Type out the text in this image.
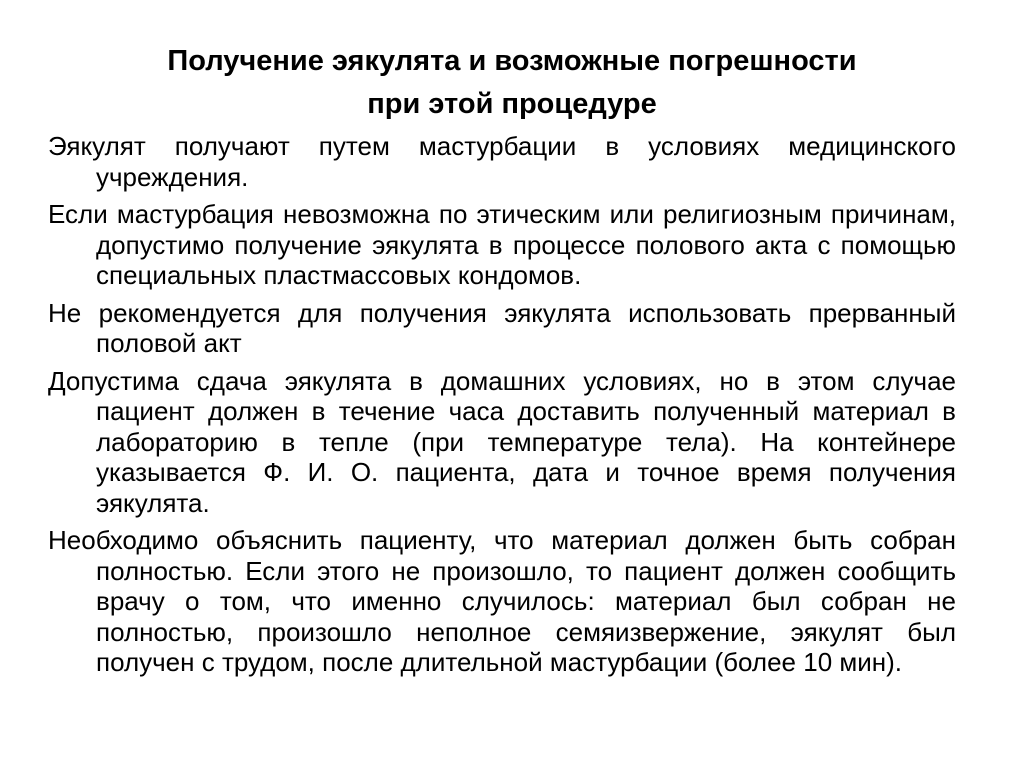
Получение эякулята и возможные погрешности
при этой процедуре

Эякулят получают путем мастурбации в условиях медицинского учреждения.

Если мастурбация невозможна по этическим или религиозным причинам, допустимо получение эякулята в процессе полового акта с помощью специальных пластмассовых кондомов.

Не рекомендуется для получения эякулята использовать прерванный половой акт

Допустима сдача эякулята в домашних условиях, но в этом случае пациент должен в течение часа доставить полученный материал в лабораторию в тепле (при температуре тела). На контейнере указывается Ф. И. О. пациента, дата и точное время получения эякулята.

Необходимо объяснить пациенту, что материал должен быть собран полностью. Если этого не произошло, то пациент должен сообщить врачу о том, что именно случилось: материал был собран не полностью, произошло неполное семяизвержение, эякулят был получен с трудом, после длительной мастурбации (более 10 мин).
